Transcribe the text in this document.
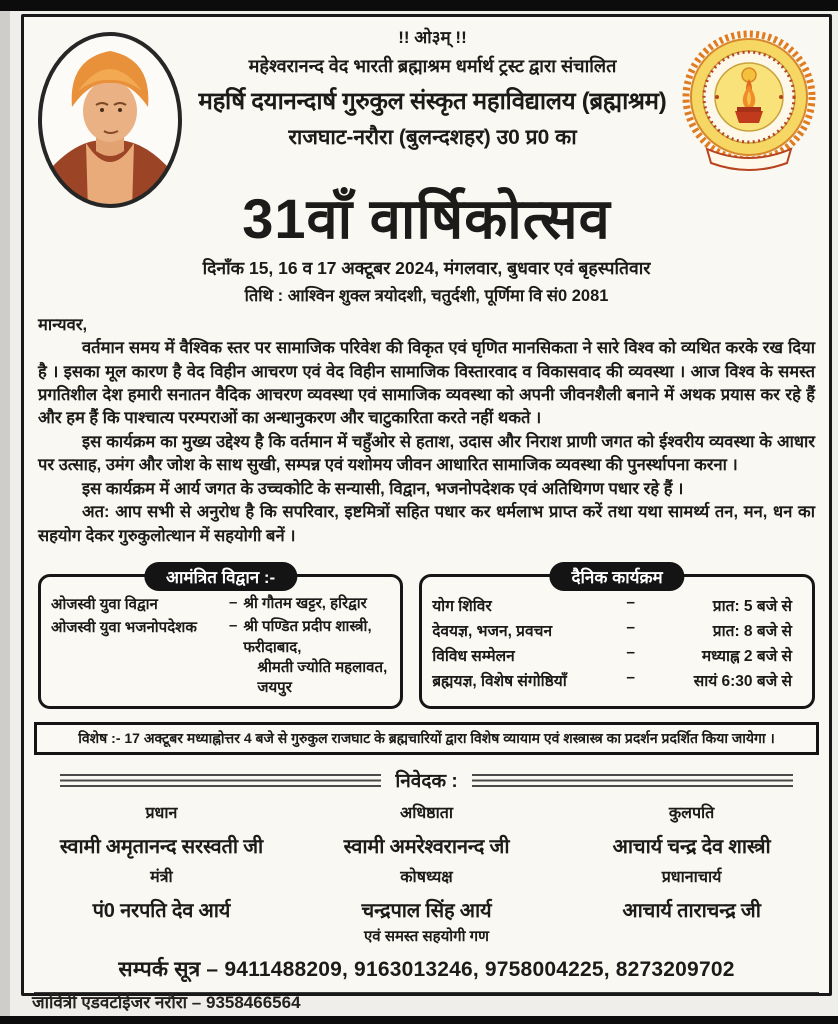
!! ओ३म् !!
महेश्वरानन्द वेद भारती ब्रह्माश्रम धर्मार्थ ट्रस्ट द्वारा संचालित
महर्षि दयानन्दार्ष गुरुकुल संस्कृत महाविद्यालय (ब्रह्माश्रम)
राजघाट-नरौरा (बुलन्दशहर) उ0 प्र0 का
31वाँ वार्षिकोत्सव
दिनाँक 15, 16 व 17 अक्टूबर 2024, मंगलवार, बुधवार एवं बृहस्पतिवार
तिथि : आश्विन शुक्ल त्रयोदशी, चतुर्दशी, पूर्णिमा वि सं0 2081
मान्यवर,

वर्तमान समय में वैश्विक स्तर पर सामाजिक परिवेश की विकृत एवं घृणित मानसिकता ने सारे विश्व को व्यथित करके रख दिया है । इसका मूल कारण है वेद विहीन आचरण एवं वेद विहीन सामाजिक विस्तारवाद व विकासवाद की व्यवस्था । आज विश्व के समस्त प्रगतिशील देश हमारी सनातन वैदिक आचरण व्यवस्था एवं सामाजिक व्यवस्था को अपनी जीवनशैली बनाने में अथक प्रयास कर रहे हैं और हम हैं कि पाश्चात्य परम्पराओं का अन्धानुकरण और चाटुकारिता करते नहीं थकते ।

इस कार्यक्रम का मुख्य उद्देश्य है कि वर्तमान में चहुँओर से हताश, उदास और निराश प्राणी जगत को ईश्वरीय व्यवस्था के आधार पर उत्साह, उमंग और जोश के साथ सुखी, सम्पन्न एवं यशोमय जीवन आधारित सामाजिक व्यवस्था की पुनर्स्थापना करना ।

इस कार्यक्रम में आर्य जगत के उच्चकोटि के सन्यासी, विद्वान, भजनोपदेशक एवं अतिथिगण पधार रहे हैं ।

अत: आप सभी से अनुरोध है कि सपरिवार, इष्टमित्रों सहित पधार कर धर्मलाभ प्राप्त करें तथा यथा सामर्थ्य तन, मन, धन का सहयोग देकर गुरुकुलोत्थान में सहयोगी बनें ।

आमंत्रित विद्वान :-
ओजस्वी युवा विद्वान	– श्री गौतम खट्टर, हरिद्वार
ओजस्वी युवा भजनोपदेशक	– श्री पण्डित प्रदीप शास्त्री, फरीदाबाद,
श्रीमती ज्योति महलावत, जयपुर
दैनिक कार्यक्रम
योग शिविर	–	प्रात: 5 बजे से
देवयज्ञ, भजन, प्रवचन	–	प्रात: 8 बजे से
विविध सम्मेलन	–	मध्याह्न 2 बजे से
ब्रह्मयज्ञ, विशेष संगोष्ठियाँ	–	सायं 6:30 बजे से
विशेष :- 17 अक्टूबर मध्याह्नोत्तर 4 बजे से गुरुकुल राजघाट के ब्रह्मचारियों द्वारा विशेष व्यायाम एवं शस्त्रास्त्र का प्रदर्शन प्रदर्शित किया जायेगा ।
निवेदक :
प्रधान
स्वामी अमृतानन्द सरस्वती जी
अधिष्ठाता
स्वामी अमरेश्वरानन्द जी
कुलपति
आचार्य चन्द्र देव शास्त्री
मंत्री
पं0 नरपति देव आर्य
कोषध्यक्ष
चन्द्रपाल सिंह आर्य
एवं समस्त सहयोगी गण
प्रधानाचार्य
आचार्य ताराचन्द्र जी
सम्पर्क सूत्र – 9411488209, 9163013246, 9758004225, 8273209702
जावित्री एडवर्टाईजर नरौरा – 9358466564
